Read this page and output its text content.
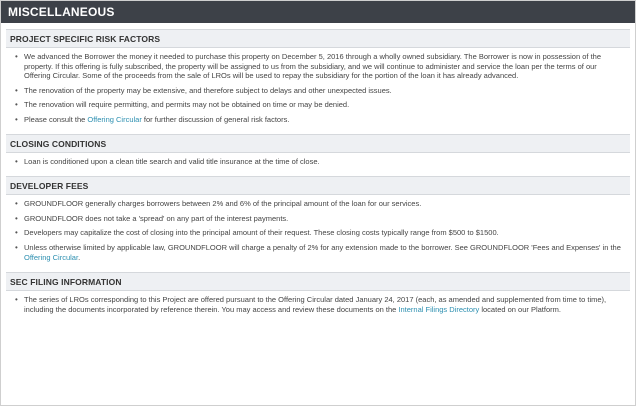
MISCELLANEOUS
PROJECT SPECIFIC RISK FACTORS
• We advanced the Borrower the money it needed to purchase this property on December 5, 2016 through a wholly owned subsidiary. The Borrower is now in possession of the property. If this offering is fully subscribed, the property will be assigned to us from the subsidiary, and we will continue to administer and service the loan per the terms of our Offering Circular. Some of the proceeds from the sale of LROs will be used to repay the subsidiary for the portion of the loan it has already advanced.
• The renovation of the property may be extensive, and therefore subject to delays and other unexpected issues.
• The renovation will require permitting, and permits may not be obtained on time or may be denied.
• Please consult the Offering Circular for further discussion of general risk factors.
CLOSING CONDITIONS
• Loan is conditioned upon a clean title search and valid title insurance at the time of close.
DEVELOPER FEES
• GROUNDFLOOR generally charges borrowers between 2% and 6% of the principal amount of the loan for our services.
• GROUNDFLOOR does not take a 'spread' on any part of the interest payments.
• Developers may capitalize the cost of closing into the principal amount of their request. These closing costs typically range from $500 to $1500.
• Unless otherwise limited by applicable law, GROUNDFLOOR will charge a penalty of 2% for any extension made to the borrower. See GROUNDFLOOR 'Fees and Expenses' in the Offering Circular.
SEC FILING INFORMATION
• The series of LROs corresponding to this Project are offered pursuant to the Offering Circular dated January 24, 2017 (each, as amended and supplemented from time to time), including the documents incorporated by reference therein. You may access and review these documents on the Internal Filings Directory located on our Platform.
